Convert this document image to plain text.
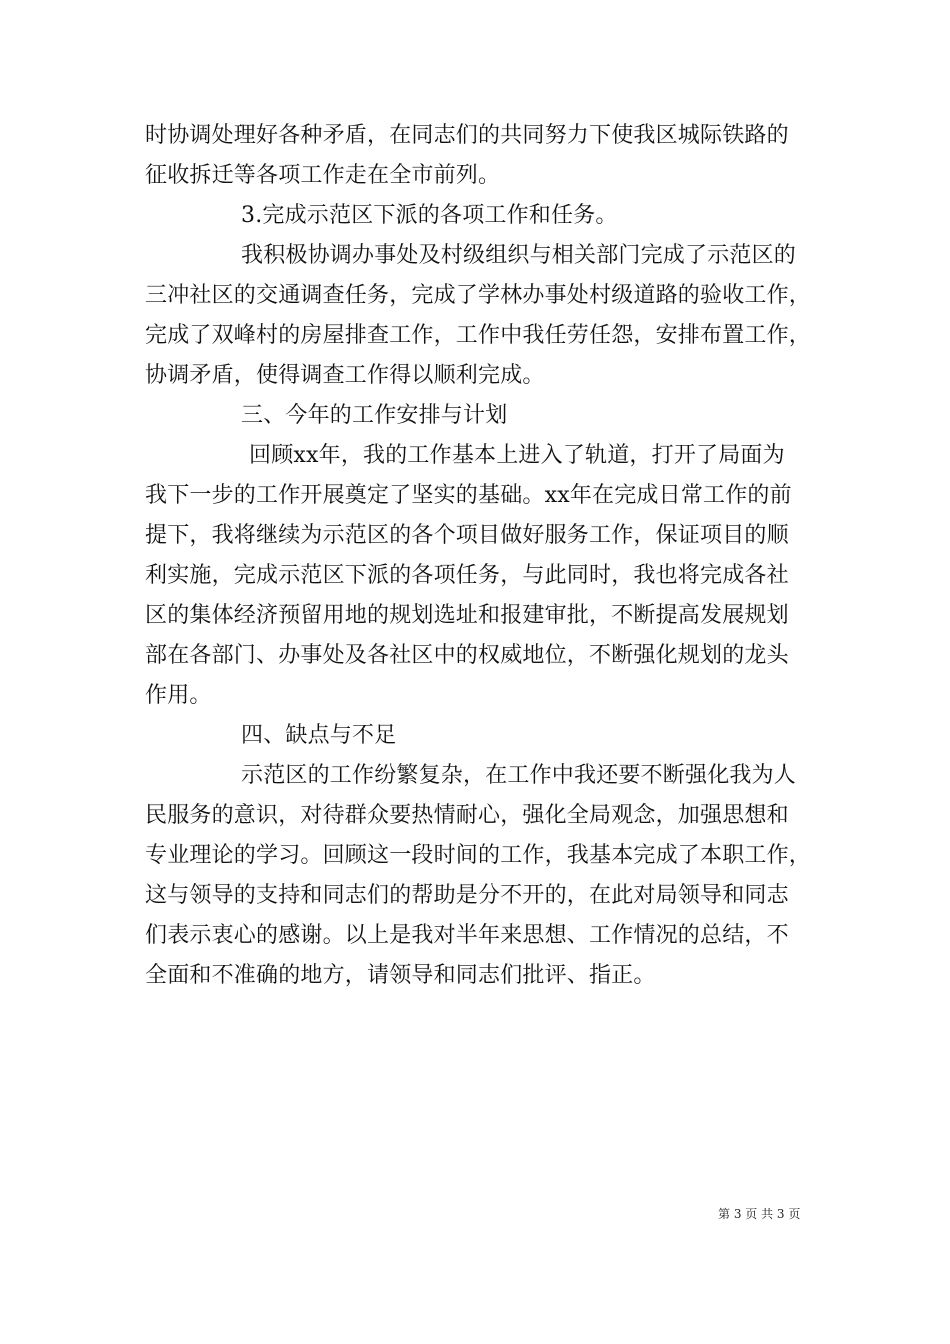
时协调处理好各种矛盾，在同志们的共同努力下使我区城际铁路的
征收拆迁等各项工作走在全市前列。
3.完成示范区下派的各项工作和任务。
我积极协调办事处及村级组织与相关部门完成了示范区的
三冲社区的交通调查任务，完成了学林办事处村级道路的验收工作，
完成了双峰村的房屋排查工作，工作中我任劳任怨，安排布置工作，
协调矛盾，使得调查工作得以顺利完成。
三、今年的工作安排与计划
回顾xx年，我的工作基本上进入了轨道，打开了局面为
我下一步的工作开展奠定了坚实的基础。xx年在完成日常工作的前
提下，我将继续为示范区的各个项目做好服务工作，保证项目的顺
利实施，完成示范区下派的各项任务，与此同时，我也将完成各社
区的集体经济预留用地的规划选址和报建审批，不断提高发展规划
部在各部门、办事处及各社区中的权威地位，不断强化规划的龙头
作用。
四、缺点与不足
示范区的工作纷繁复杂，在工作中我还要不断强化我为人
民服务的意识，对待群众要热情耐心，强化全局观念，加强思想和
专业理论的学习。回顾这一段时间的工作，我基本完成了本职工作，
这与领导的支持和同志们的帮助是分不开的，在此对局领导和同志
们表示衷心的感谢。以上是我对半年来思想、工作情况的总结，不
全面和不准确的地方，请领导和同志们批评、指正。
第 3 页 共 3 页
